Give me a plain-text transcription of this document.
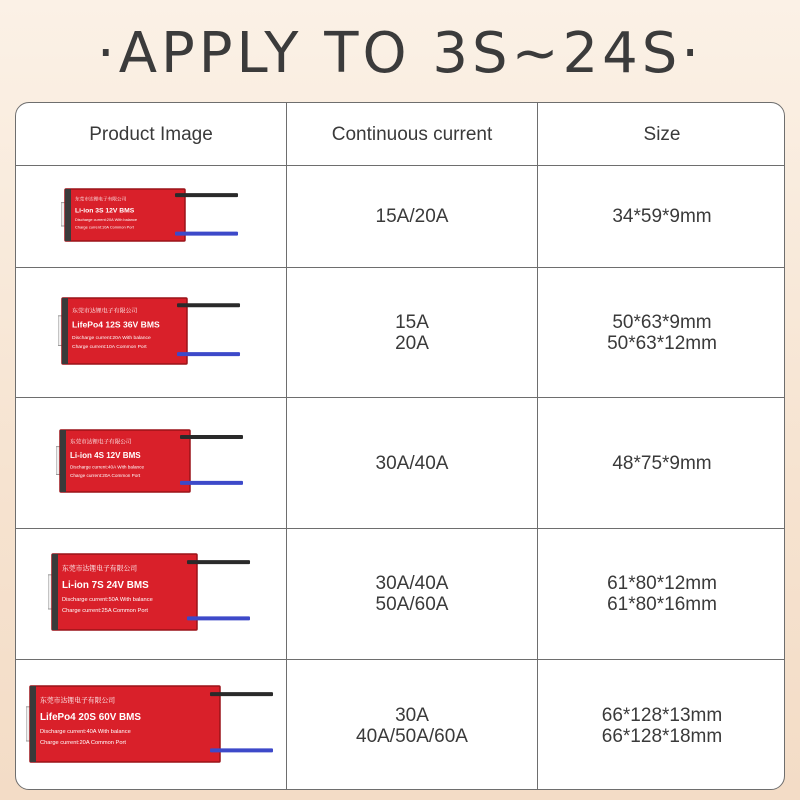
·APPLY TO 3S~24S·
Product Image	Continuous current	Size
东莞市达锂电子有限公司
Li-ion 3S 12V BMS
Discharge current:20A With balance
Charge current:10A Common Port	15A/20A	34*59*9mm
东莞市达锂电子有限公司
LifePo4 12S 36V BMS
Discharge current:20A With balance
Charge current:10A Common Port
15A
20A
50*63*9mm
50*63*12mm
东莞市达锂电子有限公司
Li-ion 4S 12V BMS
Discharge current:40A With balance
Charge current:20A Common Port
30A/40A	48*75*9mm
东莞市达锂电子有限公司
Li-ion 7S 24V BMS
Discharge current:50A With balance
Charge current:25A Common Port
30A/40A
50A/60A
61*80*12mm
61*80*16mm
东莞市达锂电子有限公司
LifePo4 20S 60V BMS
Discharge current:40A With balance
Charge current:20A Common Port
30A
40A/50A/60A
66*128*13mm
66*128*18mm
